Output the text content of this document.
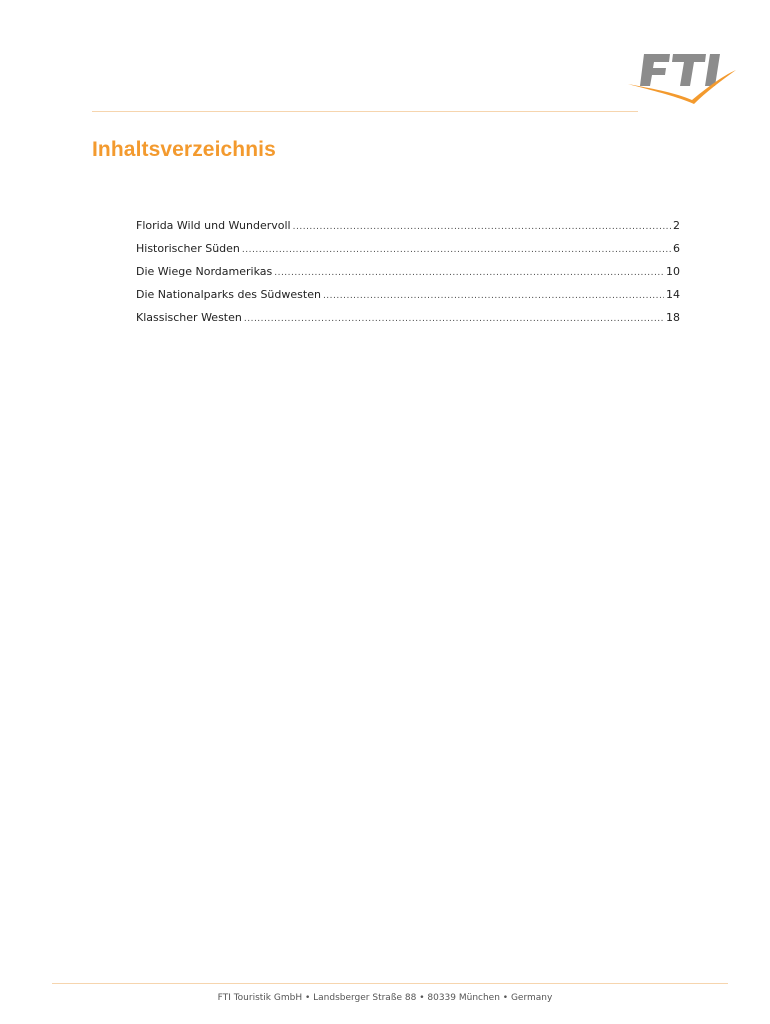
Inhaltsverzeichnis
Florida Wild und Wundervoll .....	2
Historischer Süden .....	6
Die Wiege Nordamerikas .....	10
Die Nationalparks des Südwesten .....	14
Klassischer Westen .....	18
FTI Touristik GmbH • Landsberger Straße 88 • 80339 München • Germany
